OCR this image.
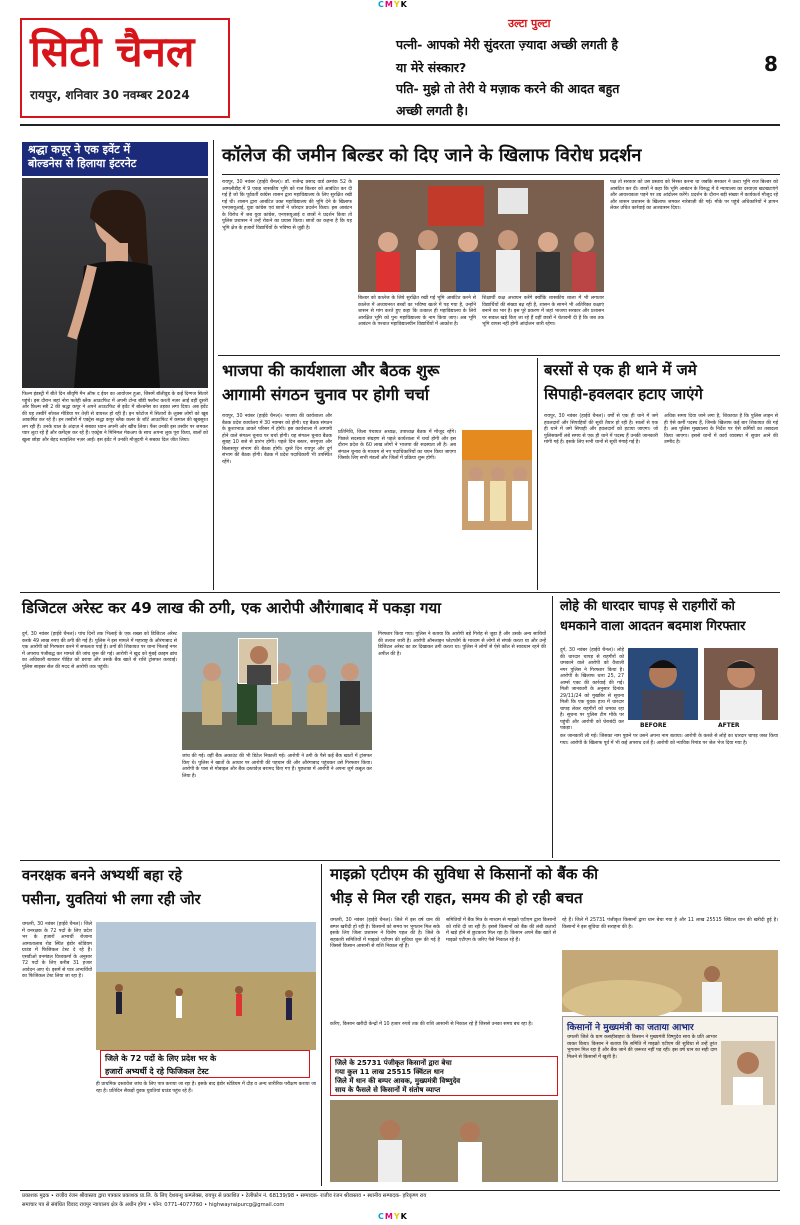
CMYK
सिटी चैनल
रायपुर, शनिवार 30 नवम्बर 2024
उल्टा पुल्टा
पत्नी- आपको मेरी सुंदरता ज़्यादा अच्छी लगती है
या मेरे संस्कार?
पति- मुझे तो तेरी ये मज़ाक करने की आदत बहुत
अच्छी लगती है।
8
श्रद्धा कपूर ने एक इवेंट में
बोल्डनेस से हिलाया इंटरनेट
फिल्म इंडस्ट्री में बीते दिन श्रीवृषि मैन ऑफ द ईयर का आयोजन हुआ, जिसमें बॉलीवुड के कई दिग्गज सितारे पहुंचे। इस दौरान जहां नोरा फतेही ब्लैक आउटफिट में अपनी टोन्ड बॉडी फ्लॉन्ट करती नज़र आईं वहीं दूसरी ओर फ़िल्म स्त्री 2 की श्रद्धा कपूर ने अपने आउटफिट से इवेंट में बोल्डनेस का तड़का लगा दिया। अब इवेंट की यह तस्वीरें सोशल मीडिया पर तेज़ी से वायरल हो रही हैं। इन फोटोज में सितारों के लुक्स लोगों को खूब आकर्षित कर रहे हैं। इन तस्वीरों में एक्ट्रेस श्रद्धा कपूर ब्लैक कलर के शॉर्ट आउटफिट में कमाल की खूबसूरत लग रही हैं। उनके चाल के अंदाज़ ने सबका ध्यान अपनी ओर खींच लिया। फैंस उनकी इस तस्वीर पर जमकर प्यार लुटा रहे हैं और कमेंट्स कर रहे हैं। एक्ट्रेस ने मिनिमल मेकअप के साथ अपना लुक पूरा किया, बालों को खुला छोड़ा और बेहद स्टाइलिश नज़र आईं। इस इवेंट में उनकी मौजूदगी ने सबका दिल जीत लिया।
कॉलेज की जमीन बिल्डर को दिए जाने के खिलाफ विरोध प्रदर्शन
रायपुर, 30 नवंबर (हाईवे चैनल)। डॉ. राजेन्द्र प्रसाद वार्ड क्रमांक 52 के आमलीडीह में 9 एकड़ शासकीय भूमि को राज बिल्डर को आबंटित कर दी गई है जो कि पूर्ववर्ती कांग्रेस शासन द्वारा महाविद्यालय के लिए सुरक्षित रखी गई थी। शासन द्वारा आबंटित उक्त महाविद्यालय की भूमि देने के खिलाफ एनएसयूआई, युवा कांग्रेस एवं छात्रों ने जोरदार प्रदर्शन किया। इस आबंटन के विरोध में जब युवा कांग्रेस, एनएसयूआई व छात्रों ने प्रदर्शन किया तो पुलिस प्रशासन ने उन्हें रोकने का प्रयास किया। छात्रों का कहना है कि यह भूमि क्षेत्र के हजारों विद्यार्थियों के भविष्य से जुड़ी है।
बिल्डर को कालेज के लिये सुरक्षित रखी गई भूमि आबंटित करने से कालेज में अध्ययनरत बच्चों का भविष्य खतरे में पड़ गया है, उन्होंने शासन से मांग करते हुए कहा कि तत्काल ही महाविद्यालय के लिये आरक्षित भूमि को पुनः महाविद्यालय के नाम किया जाए। अब भूमि आबंटन के पश्चात महाविद्यालयीन विद्यार्थियों में आक्रोश है।
शिक्षार्थी कक्ष अध्ययन करेंगे क्योंकि शासकीय शाला में भी लगातार विद्यार्थियों की संख्या बढ़ रही है, शासन के सामने भी अतिरिक्त कक्षाएं बनाने का भार है। इस पूरे प्रकरण में जहां भाजपा सरकार और प्रशासन पर सवाल खड़े किए जा रहे हैं वहीं छात्रों ने चेतावनी दी है कि जब तक भूमि वापस नहीं होगी आंदोलन जारी रहेगा।
पक्ष तो सरकार को उस प्रस्ताव को निरस्त करना था जबकि सरकार ने उल्टा भूमि राज बिल्डर को आबंटित कर दी। छात्रों ने कहा कि भूमि आबंटन के विरुद्ध में वे न्यायालय का दरवाज़ा खटखटाएंगे और आवश्यकता पड़ने पर उग्र आंदोलन करेंगे। प्रदर्शन के दौरान बड़ी संख्या में कार्यकर्ता मौजूद रहे और शासन प्रशासन के खिलाफ जमकर नारेबाज़ी की गई। मौके पर पहुंचे अधिकारियों ने ज्ञापन लेकर उचित कार्रवाई का आश्वासन दिया।
भाजपा की कार्यशाला और बैठक शुरू
आगामी संगठन चुनाव पर होगी चर्चा
रायपुर, 30 नवंबर (हाईवे चैनल)। भाजपा की कार्यशाला और बैठक प्रदेश कार्यालय में 30 नवम्बर को होगी। यह बैठक संगठन के कुशाभाऊ ठाकरे परिसर में होगी। इस कार्यशाला में आगामी होने वाले संगठन चुनाव पर चर्चा होगी। यह संगठन चुनाव बैठक सुबह 10 बजे से प्रारंभ होगी। पहले दिन बस्तर, सरगुजा और बिलासपुर संभाग की बैठक होगी। दूसरे दिन रायपुर और दुर्ग संभाग की बैठक होगी। बैठक में प्रदेश पदाधिकारी भी उपस्थित रहेंगे।
प्रतिनिधि, जिला पंचायत अध्यक्ष, उपाध्यक्ष बैठक में मौजूद रहेंगे। पिछले सदस्यता संग्रहण से पहले कार्यशाला में चर्चा होगी और इस दौरान प्रदेश के 60 लाख लोगों ने भाजपा की सदस्यता ली है। अब संगठन चुनाव के माध्यम से नए पदाधिकारियों का चयन किया जाएगा जिसके लिए सभी मंडलों और जिलों में प्रक्रिया शुरू होगी।
बरसों से एक ही थाने में जमे
सिपाही-हवलदार हटाए जाएंगे
रायपुर, 30 नवंबर (हाईवे चैनल)। वर्षों से एक ही थाने में जमे हवलदारों और सिपाहियों की सूची तैयार हो रही है। सालों से एक ही थाने में जमे सिपाही और हवलदारों को हटाया जाएगा। जो पुलिसकर्मी लंबे समय से एक ही थाने में पदस्थ हैं उनकी जानकारी मांगी गई है। इसके लिए सभी थानों से सूची मंगाई गई है।
अधिक समय दिया जाने लगा है, शिकायत है कि पुलिस लाइन से ही ऐसे कर्मी पदस्थ हैं, जिनके खिलाफ कई बार शिकायत की गई है। अब पुलिस मुख्यालय के निर्देश पर ऐसे कर्मियों का तबादला किया जाएगा। इससे थानों में कार्य व्यवस्था में सुधार आने की उम्मीद है।
डिजिटल अरेस्ट कर 49 लाख की ठगी, एक आरोपी औरंगाबाद में पकड़ा गया
दुर्ग, 30 नवंबर (हाईवे चैनल)। पांच दिनों तक भिलाई के एक शख्स को डिजिटल अरेस्ट करके 49 लाख रुपए की ठगी की गई है। पुलिस ने इस मामले में महाराष्ट्र के औरंगाबाद से एक आरोपी को गिरफ्तार करने में सफलता पाई है। ठगों की शिकायत पर थाना भिलाई नगर में अपराध पंजीबद्ध कर मामले की जांच शुरू की गई। आरोपी ने खुद को मुंबई क्राइम ब्रांच का अधिकारी बताकर पीड़ित को डराया और उसके बैंक खाते से राशि ट्रांसफर करवाई। पुलिस साइबर सेल की मदद से आरोपी तक पहुंची।
जांच की गई। वहीं बैंक अकाउंट की भी डिटेल निकाली गई। आरोपी ने ठगी के पैसे कई बैंक खातों में ट्रांसफर किए थे। पुलिस ने खातों के आधार पर आरोपी की पहचान की और औरंगाबाद पहुंचकर उसे गिरफ्तार किया। आरोपी के पास से मोबाइल और बैंक दस्तावेज़ बरामद किए गए हैं। पूछताछ में आरोपी ने अपना जुर्म कबूल कर लिया है।
गिरफ्तार किया गया। पुलिस ने बताया कि आरोपी बड़े गिरोह से जुड़ा है और उसके अन्य साथियों की तलाश जारी है। आरोपी ऑनलाइन प्लेटफॉर्म के माध्यम से लोगों से संपर्क करता था और उन्हें डिजिटल अरेस्ट का डर दिखाकर ठगी करता था। पुलिस ने लोगों से ऐसे कॉल से सावधान रहने की अपील की है।
लोहे की धारदार चापड़ से राहगीरों को
धमकाने वाला आदतन बदमाश गिरफ्तार
दुर्ग, 30 नवंबर (हाईवे चैनल)। लोहे की धारदार चापड़ से राहगीरों को धमकाने वाले आरोपी को वैशाली नगर पुलिस ने गिरफ्तार किया है। आरोपी के खिलाफ धारा 25, 27 आर्म्स एक्ट की कार्रवाई की गई। मिली जानकारी के अनुसार दिनांक 29/11/24 को मुखबिर से सूचना मिली कि एक युवक हाथ में धारदार चापड़ लेकर राहगीरों को धमका रहा है। सूचना पर पुलिस टीम मौके पर पहुंची और आरोपी को घेराबंदी कर पकड़ा।	BEFORE	AFTER
कर जानकारी ली गई। जिसका नाम पूछने पर उसने अपना नाम बताया। आरोपी के कब्जे से लोहे का धारदार चापड़ जब्त किया गया। आरोपी के खिलाफ पूर्व में भी कई अपराध दर्ज हैं। आरोपी को न्यायिक रिमांड पर जेल भेज दिया गया है।
वनरक्षक बनने अभ्यर्थी बहा रहे
पसीना, युवतियां भी लगा रही जोर
धमतरी, 30 नवंबर (हाईवे चैनल)। जिले में वनरक्षक के 72 पदों के लिए प्रदेश भर के हजारों अभ्यर्थी रोजाना आमातालाब रोड स्थित इंडोर स्टेडियम ग्राउंड में फिजिकल टेस्ट दे रहे हैं। एसडीओ वनमंडल विश्वकर्मा के अनुसार 72 पदों के लिए करीब 31 हजार आवेदन आए थे। इसमें से पात्र अभ्यर्थियों का फिजिकल टेस्ट लिया जा रहा है।
जिले के 72 पदों के लिए प्रदेश भर के
हजारों अभ्यर्थी दे रहे फिजिकल टेस्ट
ही प्राथमिक दस्तावेज जांच के लिए पात्र कराया जा रहा है। इसके बाद इंडोर स्टेडियम में दौड़ व अन्य शारीरिक परीक्षण कराया जा रहा है। प्रतिदिन सैकड़ों युवक युवतियां ग्राउंड पहुंच रहे हैं।
माइक्रो एटीएम की सुविधा से किसानों को बैंक की
भीड़ से मिल रही राहत, समय की हो रही बचत
धमतरी, 30 नवंबर (हाईवे चैनल)। जिले में इस वर्ष धान की बम्पर खरीदी हो रही है। किसानों को समय पर भुगतान मिल सके इसके लिए जिला प्रशासन ने विशेष पहल की है। जिले के सहकारी समितियों में माइक्रो एटीएम की सुविधा शुरू की गई है जिससे किसान आसानी से राशि निकाल रहे हैं।
समितियों में बैंक मित्र के माध्यम से माइक्रो एटीएम द्वारा किसानों को राशि दी जा रही है। इससे किसानों को बैंक की लंबी कतारों में खड़े होने से छुटकारा मिल रहा है। किसान अपने बैंक खाते से माइक्रो एटीएम के जरिए पैसे निकाल रहे हैं।
रहे हैं। जिले में 25731 पंजीकृत किसानों द्वारा धान बेचा गया है और 11 लाख 25515 क्विंटल धान की खरीदी हुई है। किसानों ने इस सुविधा की सराहना की है।
करिए, किसान खरीदी केन्द्रों में 10 हजार रुपये तक की राशि आसानी से निकाल रहे हैं जिससे उनका समय बच रहा है।
जिले के 25731 पंजीकृत किसानों द्वारा बेचा
गया कुल 11 लाख 25515 क्विंटल धान
जिले में धान की बम्पर आवक, मुख्यमंत्री विष्णुदेव
साय के फैसले से किसानों में संतोष व्याप्त
किसानों ने मुख्यमंत्री का जताया आभार
धमतरी जिले के ग्राम कसहीबाहरा के किसान ने मुख्यमंत्री विष्णुदेव साय के प्रति आभार व्यक्त किया। किसान ने बताया कि समिति में माइक्रो एटीएम की सुविधा से उन्हें तुरंत भुगतान मिल रहा है और बैंक जाने की ज़रूरत नहीं पड़ रही। इस वर्ष धान का सही दाम मिलने से किसानों में खुशी है।
प्रकाशक मुद्रक • राजीव रंजन श्रीवास्तव द्वारा पत्रकार प्रकाशक प्रा.लि. के लिए देशबन्धु कम्प्लेक्स, रायपुर से प्रकाशित • टेलीफ़ोन नं. 68139/98 • सम्पादक- राजीव रंजन श्रीवास्तव • स्थानीय सम्पादक- हरिकृष्ण राय
समाचार पत्र से संबंधित विवाद रायपुर न्यायालय क्षेत्र के अधीन होगा • फोन: 0771-4077760 • highwayraipurcg@gmail.com
CMYK
